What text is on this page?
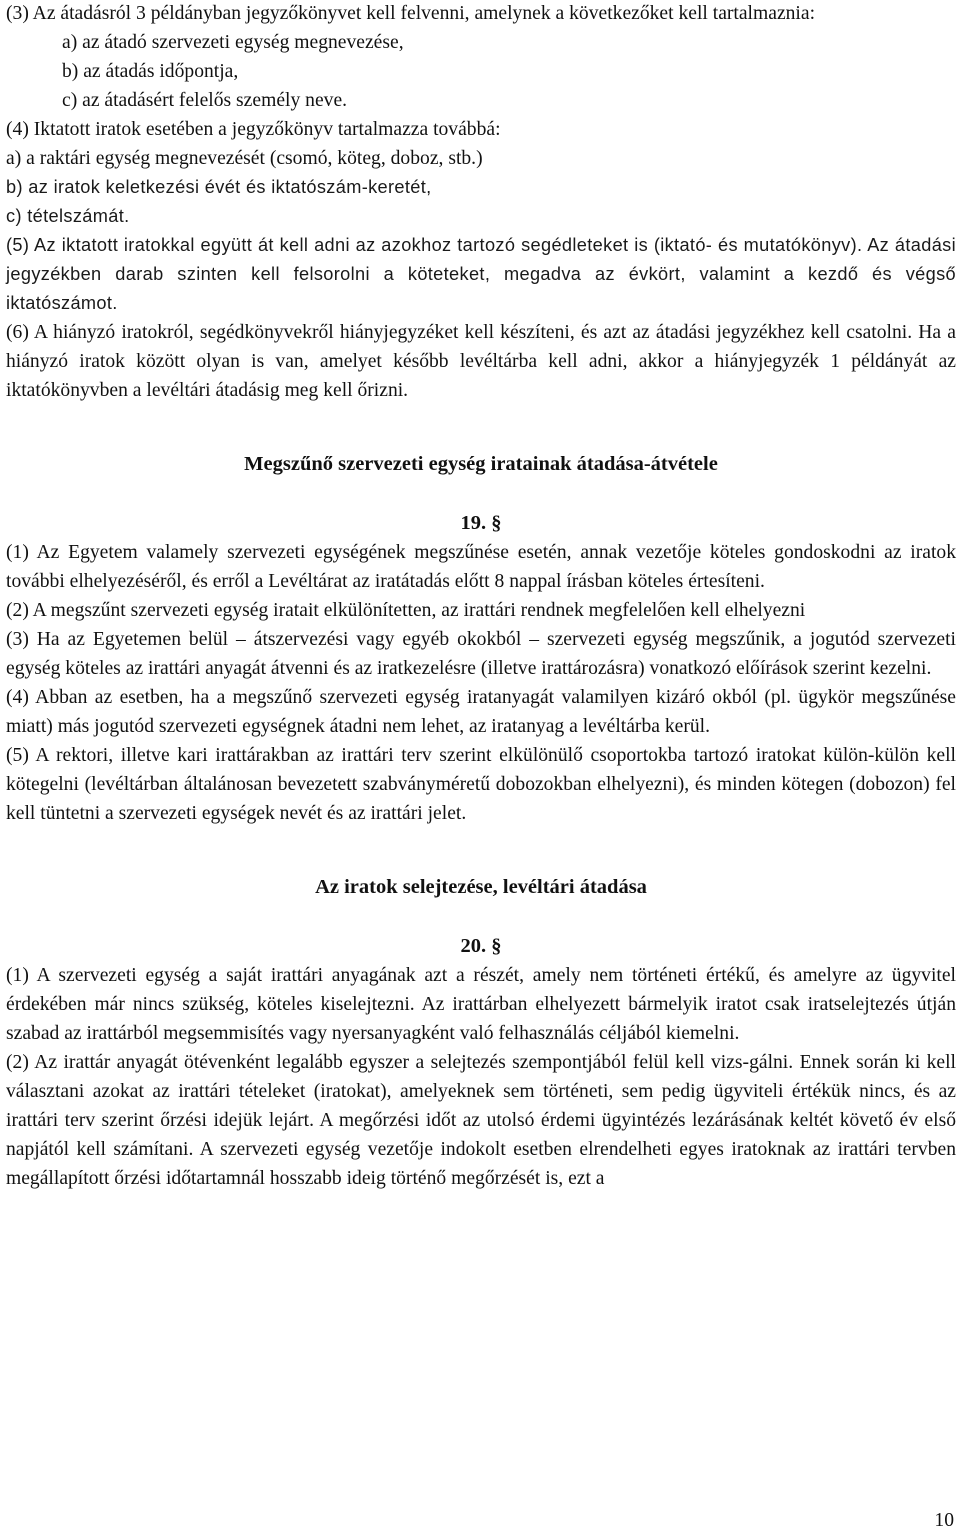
(3) Az átadásról 3 példányban jegyzőkönyvet kell felvenni, amelynek a következőket kell tartalmaznia:

a) az átadó szervezeti egység megnevezése,

b) az átadás időpontja,

c) az átadásért felelős személy neve.

(4) Iktatott iratok esetében a jegyzőkönyv tartalmazza továbbá:

a) a raktári egység megnevezését (csomó, köteg, doboz, stb.)

b) az iratok keletkezési évét és iktatószám-keretét,

c) tételszámát.

(5) Az iktatott iratokkal együtt át kell adni az azokhoz tartozó segédleteket is (iktató- és mutatókönyv). Az átadási jegyzékben darab szinten kell felsorolni a köteteket, megadva az évkört, valamint a kezdő és végső iktatószámot.

(6) A hiányzó iratokról, segédkönyvekről hiányjegyzéket kell készíteni, és azt az átadási jegyzékhez kell csatolni. Ha a hiányzó iratok között olyan is van, amelyet később levéltárba kell adni, akkor a hiányjegyzék 1 példányát az iktatókönyvben a levéltári átadásig meg kell őrizni.

Megszűnő szervezeti egység iratainak átadása-átvétele

19. §

(1) Az Egyetem valamely szervezeti egységének megszűnése esetén, annak vezetője köteles gondoskodni az iratok további elhelyezéséről, és erről a Levéltárat az iratátadás előtt 8 nappal írásban köteles értesíteni.

(2) A megszűnt szervezeti egység iratait elkülönítetten, az irattári rendnek megfelelően kell elhelyezni

(3) Ha az Egyetemen belül – átszervezési vagy egyéb okokból – szervezeti egység megszűnik, a jogutód szervezeti egység köteles az irattári anyagát átvenni és az iratkezelésre (illetve irattározásra) vonatkozó előírások szerint kezelni.

(4) Abban az esetben, ha a megszűnő szervezeti egység iratanyagát valamilyen kizáró okból (pl. ügykör megszűnése miatt) más jogutód szervezeti egységnek átadni nem lehet, az iratanyag a levéltárba kerül.

(5) A rektori, illetve kari irattárakban az irattári terv szerint elkülönülő csoportokba tartozó iratokat külön-külön kell kötegelni (levéltárban általánosan bevezetett szabványméretű dobozokban elhelyezni), és minden kötegen (dobozon) fel kell tüntetni a szervezeti egységek nevét és az irattári jelet.

Az iratok selejtezése, levéltári átadása

20. §

(1) A szervezeti egység a saját irattári anyagának azt a részét, amely nem történeti értékű, és amelyre az ügyvitel érdekében már nincs szükség, köteles kiselejtezni. Az irattárban elhelyezett bármelyik iratot csak iratselejtezés útján szabad az irattárból megsemmisítés vagy nyersanyagként való felhasználás céljából kiemelni.

(2) Az irattár anyagát ötévenként legalább egyszer a selejtezés szempontjából felül kell vizs-gálni. Ennek során ki kell választani azokat az irattári tételeket (iratokat), amelyeknek sem történeti, sem pedig ügyviteli értékük nincs, és az irattári terv szerint őrzési idejük lejárt. A megőrzési időt az utolsó érdemi ügyintézés lezárásának keltét követő év első napjától kell számítani. A szervezeti egység vezetője indokolt esetben elrendelheti egyes iratoknak az irattári tervben megállapított őrzési időtartamnál hosszabb ideig történő megőrzését is, ezt a

10
